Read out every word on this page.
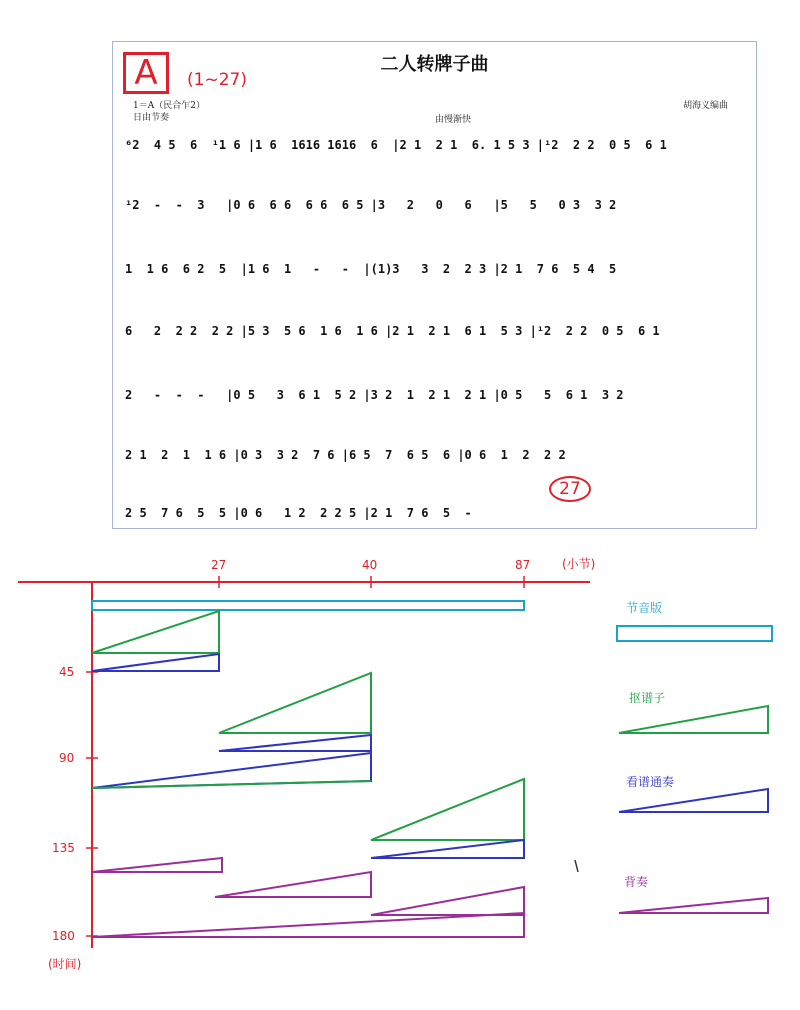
二人转牌子曲
A	(1~27)
1＝A（民合乍2）
日由节奏	由慢渐快
胡海义编曲
⁶2  4 5  6  ¹1 6 |1 6  1616 1616  6  |2 1  2 1  6. 1 5 3 |¹2  2 2  0 5  6 1
¹2  -  -  3   |0 6  6 6  6 6  6 5 |3   2   0   6   |5   5   0 3  3 2
1  1 6  6 2  5  |1 6  1   -   -  |(1)3   3  2  2 3 |2 1  7 6  5 4  5
6   2  2 2  2 2 |5 3  5 6  1 6  1 6 |2 1  2 1  6 1  5 3 |¹2  2 2  0 5  6 1
2   -  -  -   |0 5   3  6 1  5 2 |3 2  1  2 1  2 1 |0 5   5  6 1  3 2
2 1  2  1  1 6 |0 3  3 2  7 6 |6 5  7  6 5  6 |0 6  1  2  2 2
2 5  7 6  5  5 |0 6   1 2  2 2 5 |2 1  7 6  5  -
27
27	40	87	(小节)
45
90
135
180
(时间)
节音版
抠谱子
看谱通奏
背奏
